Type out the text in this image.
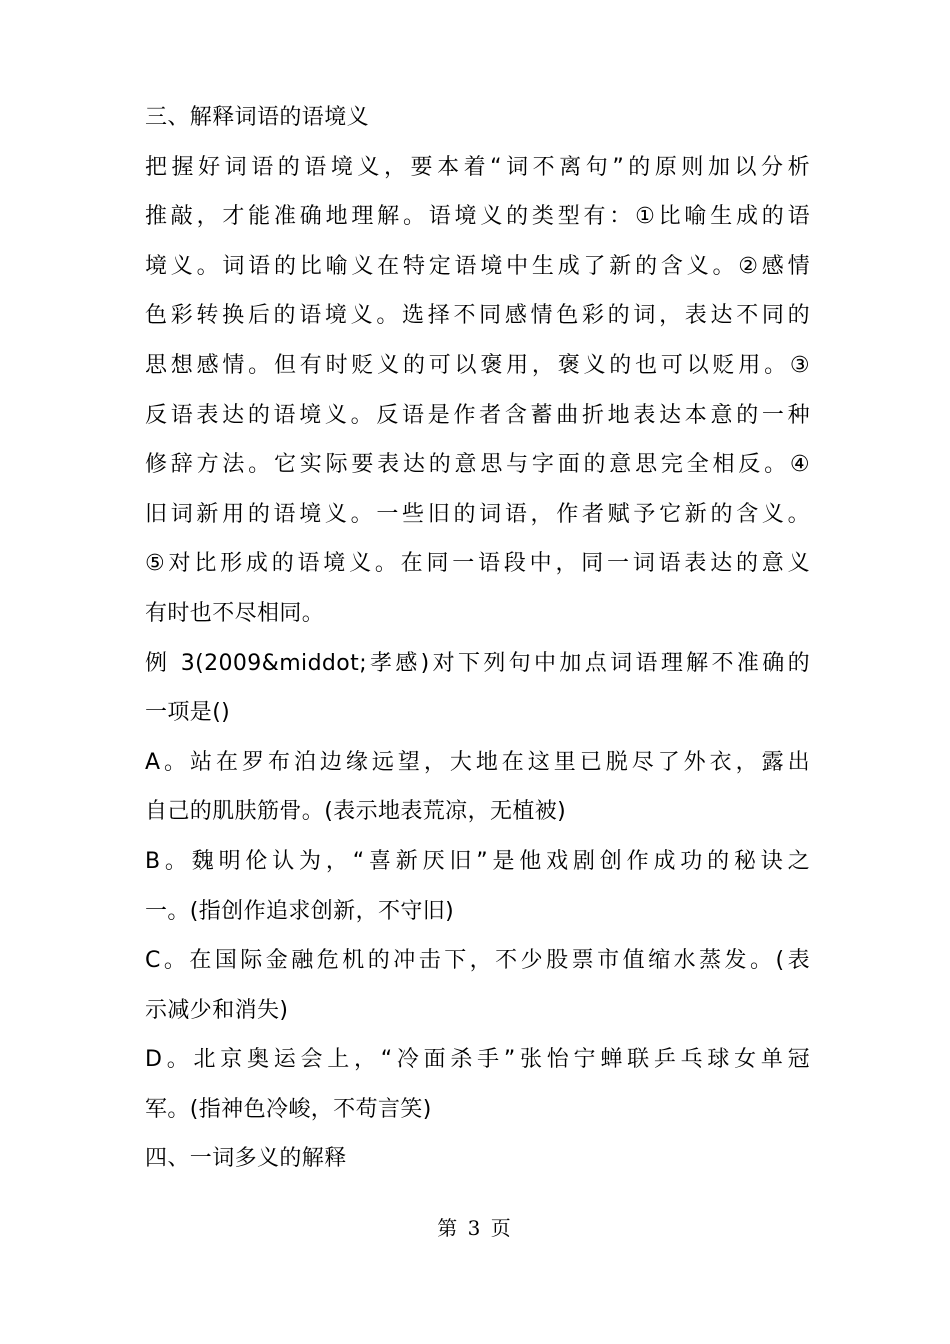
三、解释词语的语境义
把握好词语的语境义，要本着“词不离句”的原则加以分析
推敲，才能准确地理解。语境义的类型有：①比喻生成的语
境义。词语的比喻义在特定语境中生成了新的含义。②感情
色彩转换后的语境义。选择不同感情色彩的词，表达不同的
思想感情。但有时贬义的可以褒用，褒义的也可以贬用。③
反语表达的语境义。反语是作者含蓄曲折地表达本意的一种
修辞方法。它实际要表达的意思与字面的意思完全相反。④
旧词新用的语境义。一些旧的词语，作者赋予它新的含义。
⑤对比形成的语境义。在同一语段中，同一词语表达的意义
有时也不尽相同。
例 3(2009&middot;孝感)对下列句中加点词语理解不准确的
一项是()
A。站在罗布泊边缘远望，大地在这里已脱尽了外衣，露出
自己的肌肤筋骨。(表示地表荒凉，无植被)
B。魏明伦认为，“喜新厌旧”是他戏剧创作成功的秘诀之
一。(指创作追求创新，不守旧)
C。在国际金融危机的冲击下，不少股票市值缩水蒸发。(表
示减少和消失)
D。北京奥运会上，“冷面杀手”张怡宁蝉联乒乓球女单冠
军。(指神色冷峻，不苟言笑)
四、一词多义的解释
第 3 页
